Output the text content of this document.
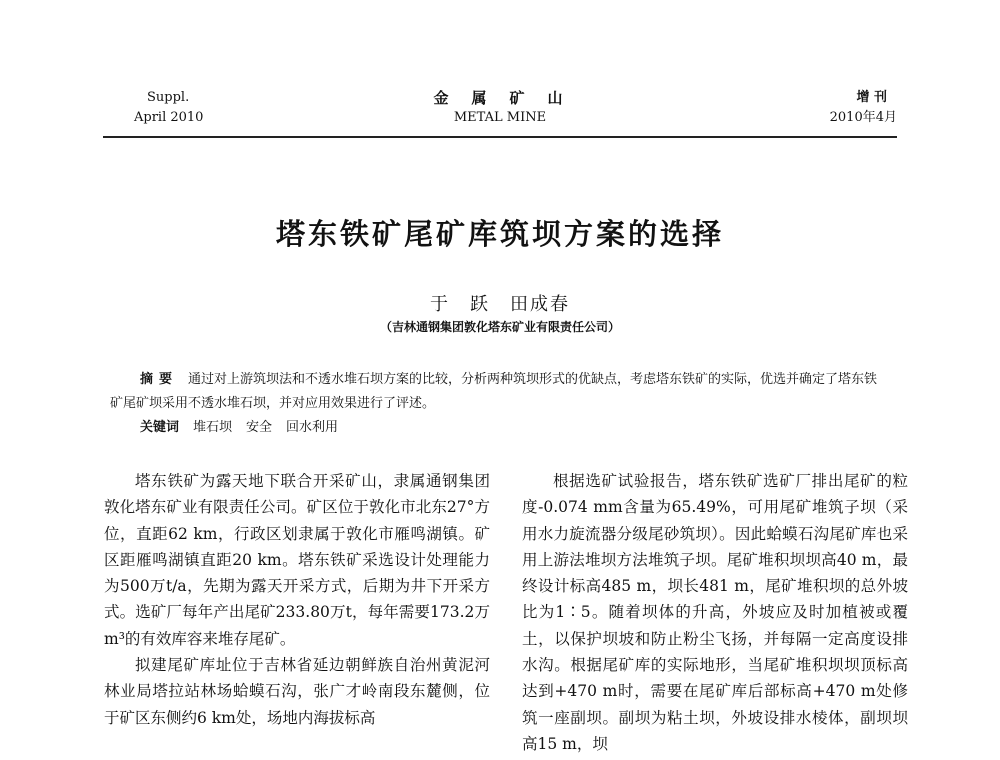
Suppl.
April 2010
金　属　矿　山
METAL MINE
增 刊
2010年4月
塔东铁矿尾矿库筑坝方案的选择
于　跃　田成春
（吉林通钢集团敦化塔东矿业有限责任公司）
摘要 通过对上游筑坝法和不透水堆石坝方案的比较，分析两种筑坝形式的优缺点，考虑塔东铁矿的实际，优选并确定了塔东铁矿尾矿坝采用不透水堆石坝，并对应用效果进行了评述。
关键词 堆石坝 安全 回水利用

塔东铁矿为露天地下联合开采矿山，隶属通钢集团敦化塔东矿业有限责任公司。矿区位于敦化市北东27°方位，直距62 km，行政区划隶属于敦化市雁鸣湖镇。矿区距雁鸣湖镇直距20 km。塔东铁矿采选设计处理能力为500万t/a，先期为露天开采方式，后期为井下开采方式。选矿厂每年产出尾矿233.80万t，每年需要173.2万m³的有效库容来堆存尾矿。

拟建尾矿库址位于吉林省延边朝鲜族自治州黄泥河林业局塔拉站林场蛤蟆石沟，张广才岭南段东麓侧，位于矿区东侧约6 km处，场地内海拔标高

根据选矿试验报告，塔东铁矿选矿厂排出尾矿的粒度-0.074 mm含量为65.49%，可用尾矿堆筑子坝（采用水力旋流器分级尾砂筑坝）。因此蛤蟆石沟尾矿库也采用上游法堆坝方法堆筑子坝。尾矿堆积坝坝高40 m，最终设计标高485 m，坝长481 m，尾矿堆积坝的总外坡比为1∶5。随着坝体的升高，外坡应及时加植被或覆土，以保护坝坡和防止粉尘飞扬，并每隔一定高度设排水沟。根据尾矿库的实际地形，当尾矿堆积坝坝顶标高达到+470 m时，需要在尾矿库后部标高+470 m处修筑一座副坝。副坝为粘土坝，外坡设排水棱体，副坝坝高15 m，坝
